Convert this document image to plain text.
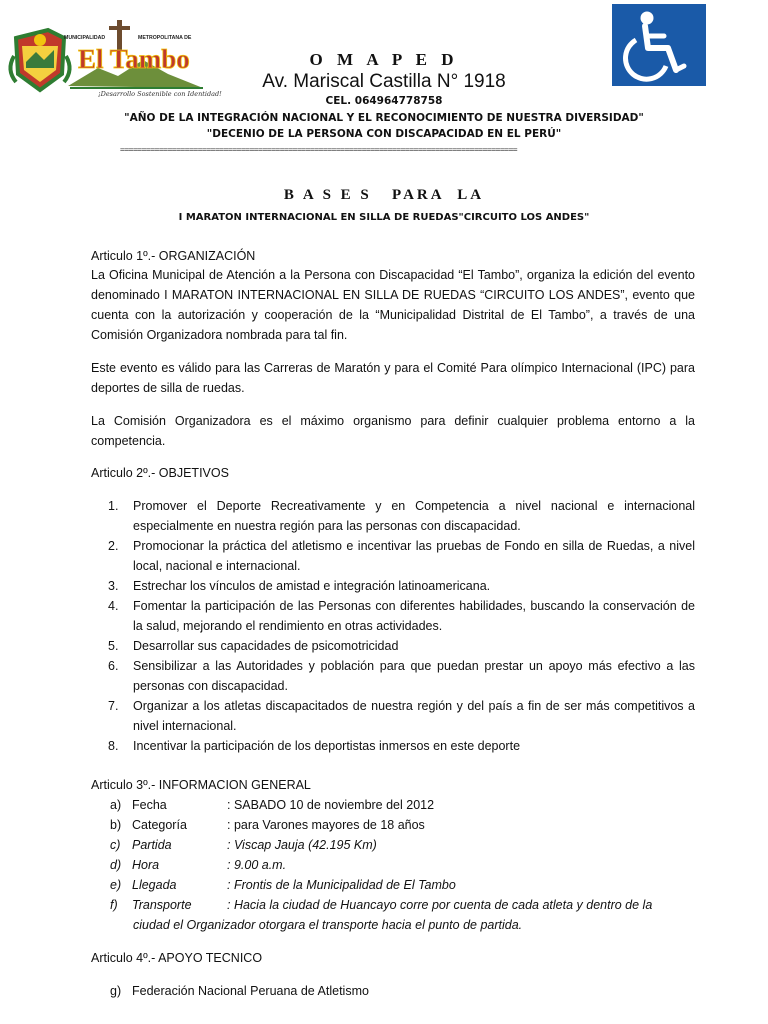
MUNICIPALIDAD	METROPOLITANA DE
El Tambo
¡Desarrollo Sostenible con Identidad!
O M A P E D
Av. Mariscal Castilla N° 1918
CEL. 064964778758
"AÑO DE LA INTEGRACIÓN NACIONAL Y EL RECONOCIMIENTO DE NUESTRA DIVERSIDAD"
"DECENIO DE LA PERSONA CON DISCAPACIDAD EN EL PERÚ"
============================================================================================
B A S E S   PARA  LA
I MARATON INTERNACIONAL EN SILLA DE RUEDAS"CIRCUITO LOS ANDES"
Articulo 1º.- ORGANIZACIÓN
La Oficina Municipal de Atención a la Persona con Discapacidad “El Tambo”, organiza la edición del evento denominado I MARATON INTERNACIONAL EN SILLA DE RUEDAS “CIRCUITO LOS ANDES”, evento que cuenta con la autorización y cooperación de la “Municipalidad Distrital de El Tambo”, a través de una Comisión Organizadora nombrada para tal fin.
Este evento es válido para las Carreras de Maratón y para el Comité Para olímpico Internacional (IPC) para deportes de silla de ruedas.
La Comisión Organizadora es el máximo organismo para definir cualquier problema entorno a la competencia.
Articulo 2º.- OBJETIVOS
1. Promover el Deporte Recreativamente y en Competencia a nivel nacional e internacional especialmente en nuestra región para las personas con discapacidad.
2. Promocionar la práctica del atletismo e incentivar las pruebas de Fondo en silla de Ruedas, a nivel local, nacional e internacional.
3. Estrechar los vínculos de amistad e integración latinoamericana.
4. Fomentar la participación de las Personas con diferentes habilidades, buscando la conservación de la salud, mejorando el rendimiento en otras actividades.
5. Desarrollar sus capacidades de psicomotricidad
6. Sensibilizar a las Autoridades y población para que puedan prestar un apoyo más efectivo a las personas con discapacidad.
7. Organizar a los atletas discapacitados de nuestra región y del país a fin de ser más competitivos a nivel internacional.
8. Incentivar la participación de los deportistas inmersos en este deporte
Articulo 3º.- INFORMACION GENERAL
a) Fecha	: SABADO 10 de noviembre del 2012
b) Categoría	: para Varones mayores de 18 años
c) Partida	: Viscap Jauja (42.195 Km)
d) Hora	: 9.00 a.m.
e) Llegada	: Frontis de la Municipalidad de El Tambo
f) Transporte	: Hacia la ciudad de Huancayo corre por cuenta de cada atleta y dentro de la
ciudad el Organizador otorgara el transporte hacia el punto de partida.
Articulo 4º.- APOYO TECNICO
g) Federación Nacional Peruana de Atletismo
